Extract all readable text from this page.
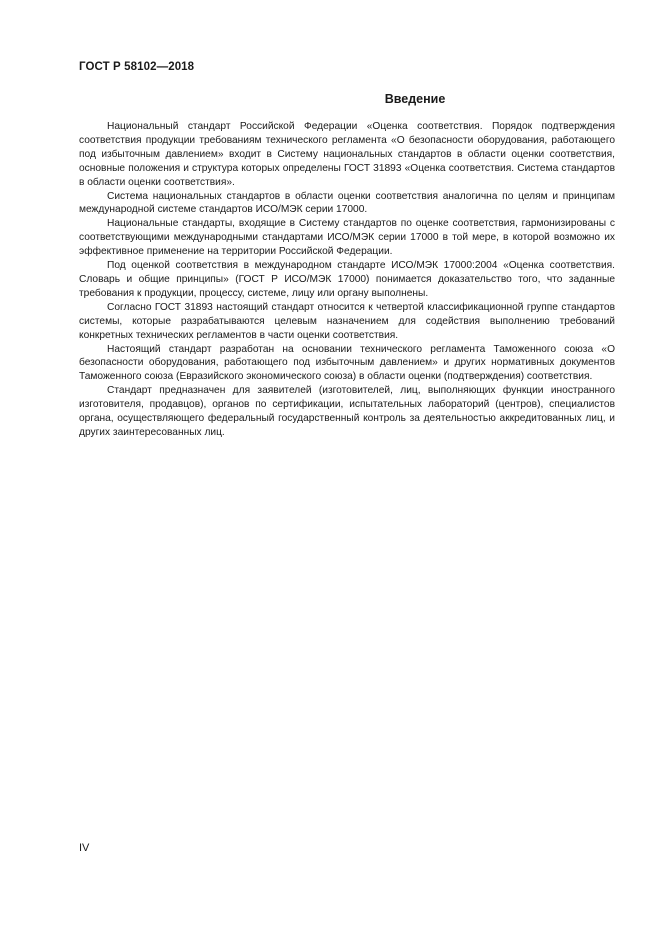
ГОСТ Р 58102—2018
Введение

Национальный стандарт Российской Федерации «Оценка соответствия. Порядок подтверждения соответствия продукции требованиям технического регламента «О безопасности оборудования, работающего под избыточным давлением» входит в Систему национальных стандартов в области оценки соответствия, основные положения и структура которых определены ГОСТ 31893 «Оценка соответствия. Система стандартов в области оценки соответствия».

Система национальных стандартов в области оценки соответствия аналогична по целям и принципам международной системе стандартов ИСО/МЭК серии 17000.

Национальные стандарты, входящие в Систему стандартов по оценке соответствия, гармонизированы с соответствующими международными стандартами ИСО/МЭК серии 17000 в той мере, в которой возможно их эффективное применение на территории Российской Федерации.

Под оценкой соответствия в международном стандарте ИСО/МЭК 17000:2004 «Оценка соответствия. Словарь и общие принципы» (ГОСТ Р ИСО/МЭК 17000) понимается доказательство того, что заданные требования к продукции, процессу, системе, лицу или органу выполнены.

Согласно ГОСТ 31893 настоящий стандарт относится к четвертой классификационной группе стандартов системы, которые разрабатываются целевым назначением для содействия выполнению требований конкретных технических регламентов в части оценки соответствия.

Настоящий стандарт разработан на основании технического регламента Таможенного союза «О безопасности оборудования, работающего под избыточным давлением» и других нормативных документов Таможенного союза (Евразийского экономического союза) в области оценки (подтверждения) соответствия.

Стандарт предназначен для заявителей (изготовителей, лиц, выполняющих функции иностранного изготовителя, продавцов), органов по сертификации, испытательных лабораторий (центров), специалистов органа, осуществляющего федеральный государственный контроль за деятельностью аккредитованных лиц, и других заинтересованных лиц.

IV
